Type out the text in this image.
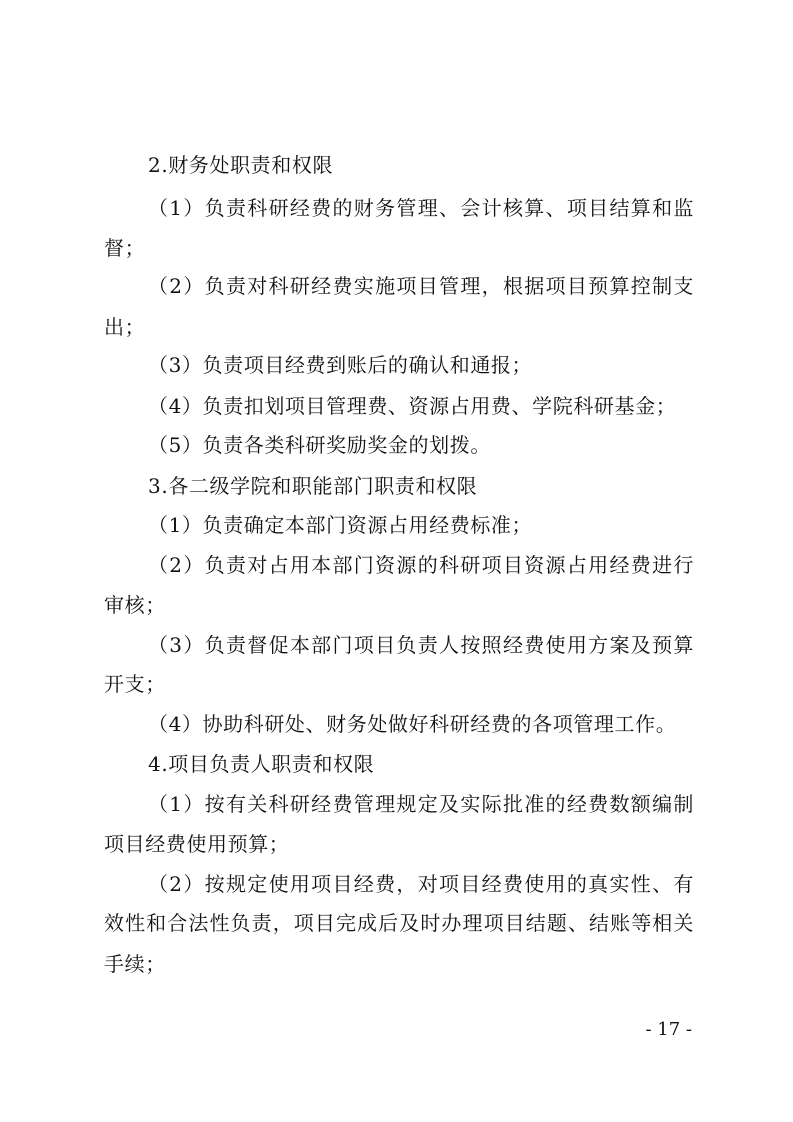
2.财务处职责和权限
（1）负责科研经费的财务管理、会计核算、项目结算和监
督；
（2）负责对科研经费实施项目管理，根据项目预算控制支
出；
（3）负责项目经费到账后的确认和通报；
（4）负责扣划项目管理费、资源占用费、学院科研基金；
（5）负责各类科研奖励奖金的划拨。
3.各二级学院和职能部门职责和权限
（1）负责确定本部门资源占用经费标准；
（2）负责对占用本部门资源的科研项目资源占用经费进行
审核；
（3）负责督促本部门项目负责人按照经费使用方案及预算
开支；
（4）协助科研处、财务处做好科研经费的各项管理工作。
4.项目负责人职责和权限
（1）按有关科研经费管理规定及实际批准的经费数额编制
项目经费使用预算；
（2）按规定使用项目经费，对项目经费使用的真实性、有
效性和合法性负责，项目完成后及时办理项目结题、结账等相关
手续；
- 17 -
